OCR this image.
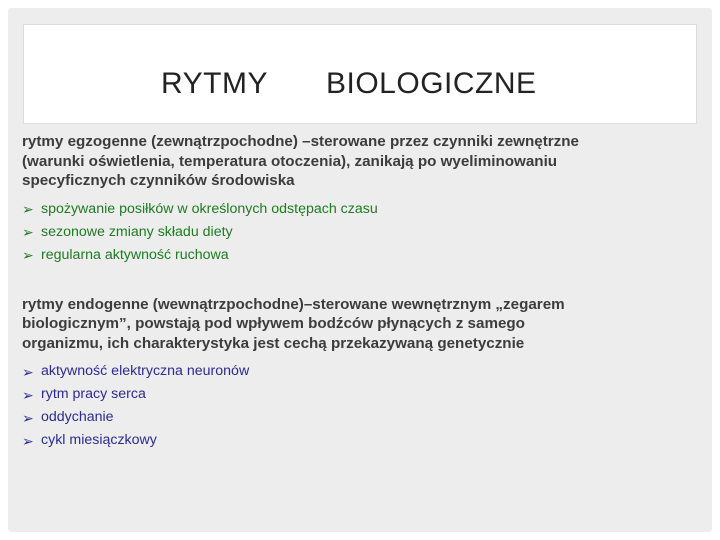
RYTMY BIOLOGICZNE

rytmy egzogenne (zewnątrzpochodne) –sterowane przez czynniki zewnętrzne
(warunki oświetlenia, temperatura otoczenia), zanikają po wyeliminowaniu
specyficznych czynników środowiska

➢ spożywanie posiłków w określonych odstępach czasu
➢ sezonowe zmiany składu diety
➢ regularna aktywność ruchowa

rytmy endogenne (wewnątrzpochodne)–sterowane wewnętrznym „zegarem
biologicznym”, powstają pod wpływem bodźców płynących z samego
organizmu, ich charakterystyka jest cechą przekazywaną genetycznie

➢ aktywność elektryczna neuronów
➢ rytm pracy serca
➢ oddychanie
➢ cykl miesiączkowy
